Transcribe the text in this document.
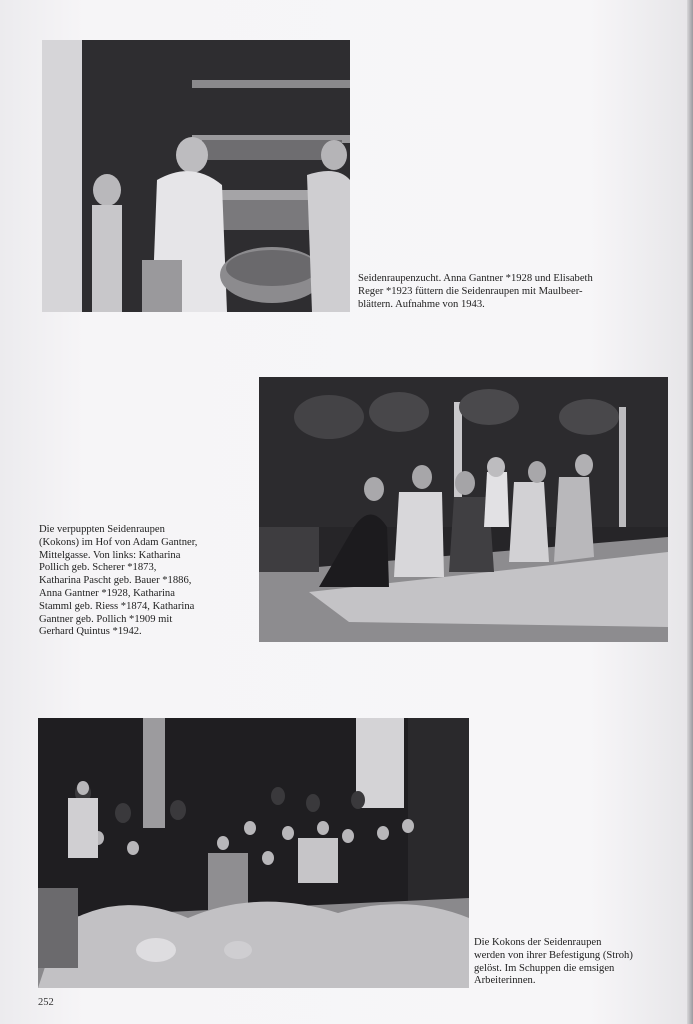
Seidenraupenzucht. Anna Gantner *1928 und Elisabeth
Reger *1923 füttern die Seidenraupen mit Maulbeer-
blättern. Aufnahme von 1943.
Die verpuppten Seidenraupen
(Kokons) im Hof von Adam Gantner,
Mittelgasse. Von links: Katharina
Pollich geb. Scherer *1873,
Katharina Pascht geb. Bauer *1886,
Anna Gantner *1928, Katharina
Stamml geb. Riess *1874, Katharina
Gantner geb. Pollich *1909 mit
Gerhard Quintus *1942.
Die Kokons der Seidenraupen
werden von ihrer Befestigung (Stroh)
gelöst. Im Schuppen die emsigen
Arbeiterinnen.
252
